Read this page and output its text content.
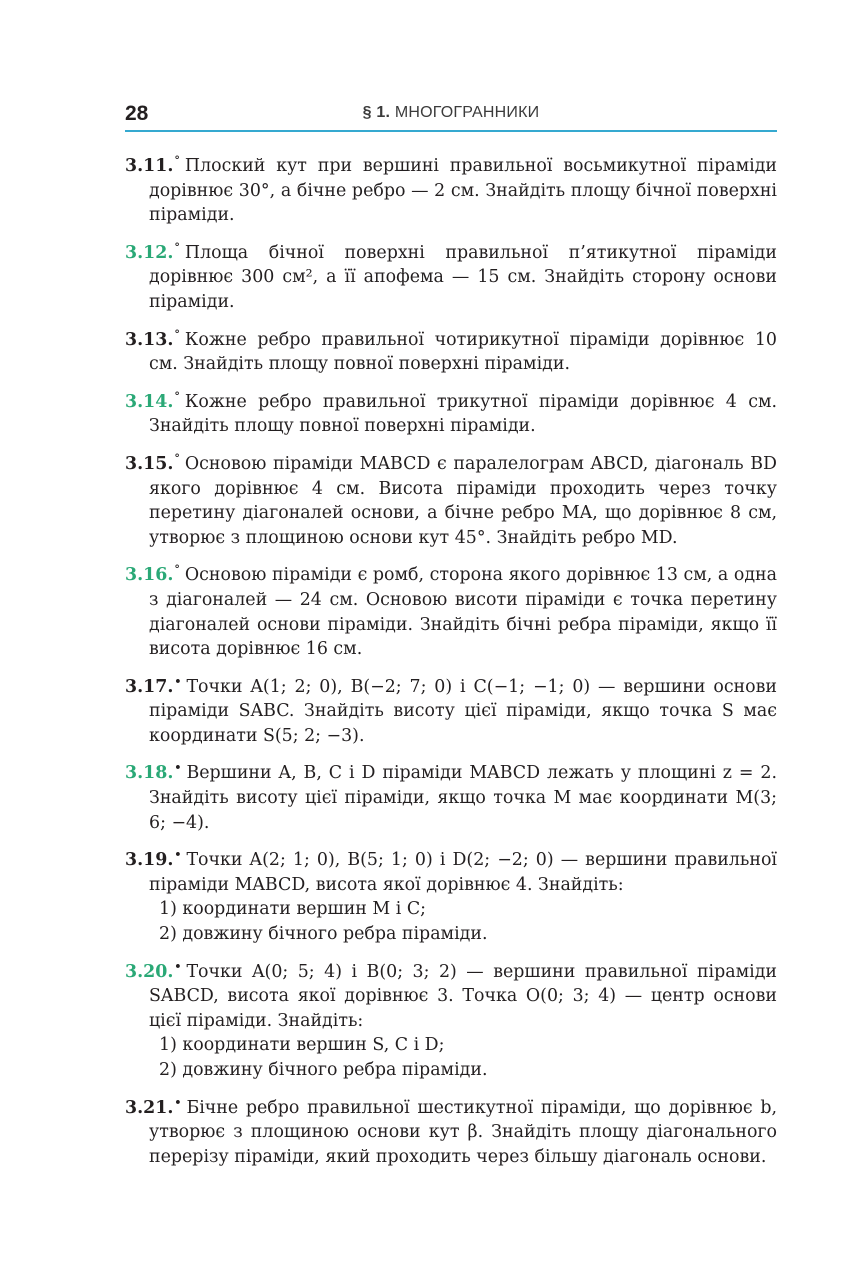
28	§ 1. МНОГОГРАННИКИ
3.11.° Плоский кут при вершині правильної восьмикутної піраміди дорівнює 30°, а бічне ребро — 2 см. Знайдіть площу бічної поверхні піраміди.
3.12.° Площа бічної поверхні правильної п’ятикутної піраміди дорівнює 300 см², а її апофема — 15 см. Знайдіть сторону основи піраміди.
3.13.° Кожне ребро правильної чотирикутної піраміди дорівнює 10 см. Знайдіть площу повної поверхні піраміди.
3.14.° Кожне ребро правильної трикутної піраміди дорівнює 4 см. Знайдіть площу повної поверхні піраміди.
3.15.° Основою піраміди MABCD є паралелограм ABCD, діагональ BD якого дорівнює 4 см. Висота піраміди проходить через точку перетину діагоналей основи, а бічне ребро MA, що дорівнює 8 см, утворює з площиною основи кут 45°. Знайдіть ребро MD.
3.16.° Основою піраміди є ромб, сторона якого дорівнює 13 см, а одна з діагоналей — 24 см. Основою висоти піраміди є точка перетину діагоналей основи піраміди. Знайдіть бічні ребра піраміди, якщо її висота дорівнює 16 см.
3.17.• Точки A(1; 2; 0), B(−2; 7; 0) і C(−1; −1; 0) — вершини основи піраміди SABC. Знайдіть висоту цієї піраміди, якщо точка S має координати S(5; 2; −3).
3.18.• Вершини A, B, C і D піраміди MABCD лежать у площині z = 2. Знайдіть висоту цієї піраміди, якщо точка M має координати M(3; 6; −4).
3.19.• Точки A(2; 1; 0), B(5; 1; 0) і D(2; −2; 0) — вершини правильної піраміди MABCD, висота якої дорівнює 4. Знайдіть:
1) координати вершин M і C;
2) довжину бічного ребра піраміди.
3.20.• Точки A(0; 5; 4) і B(0; 3; 2) — вершини правильної піраміди SABCD, висота якої дорівнює 3. Точка O(0; 3; 4) — центр основи цієї піраміди. Знайдіть:
1) координати вершин S, C і D;
2) довжину бічного ребра піраміди.
3.21.• Бічне ребро правильної шестикутної піраміди, що дорівнює b, утворює з площиною основи кут β. Знайдіть площу діагонального перерізу піраміди, який проходить через більшу діагональ основи.
